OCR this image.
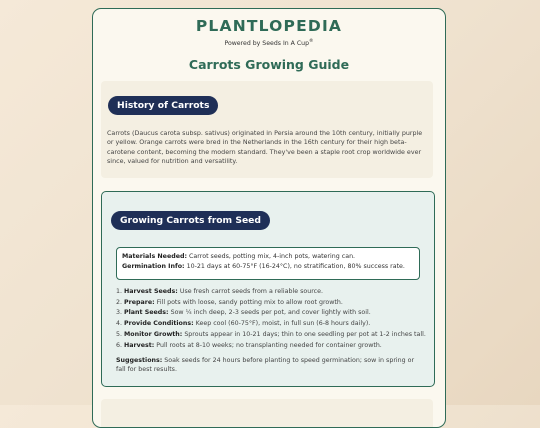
PLANTLOPEDIA
Powered by Seeds In A Cup®
Carrots Growing Guide
History of Carrots
Carrots (Daucus carota subsp. sativus) originated in Persia around the 10th century, initially purple or yellow. Orange carrots were bred in the Netherlands in the 16th century for their high beta-carotene content, becoming the modern standard. They've been a staple root crop worldwide ever since, valued for nutrition and versatility.
Growing Carrots from Seed
Materials Needed: Carrot seeds, potting mix, 4-inch pots, watering can.
Germination Info: 10-21 days at 60-75°F (16-24°C), no stratification, 80% success rate.
1. Harvest Seeds: Use fresh carrot seeds from a reliable source.
2. Prepare: Fill pots with loose, sandy potting mix to allow root growth.
3. Plant Seeds: Sow ¼ inch deep, 2-3 seeds per pot, and cover lightly with soil.
4. Provide Conditions: Keep cool (60-75°F), moist, in full sun (6-8 hours daily).
5. Monitor Growth: Sprouts appear in 10-21 days; thin to one seedling per pot at 1-2 inches tall.
6. Harvest: Pull roots at 8-10 weeks; no transplanting needed for container growth.
Suggestions: Soak seeds for 24 hours before planting to speed germination; sow in spring or fall for best results.
